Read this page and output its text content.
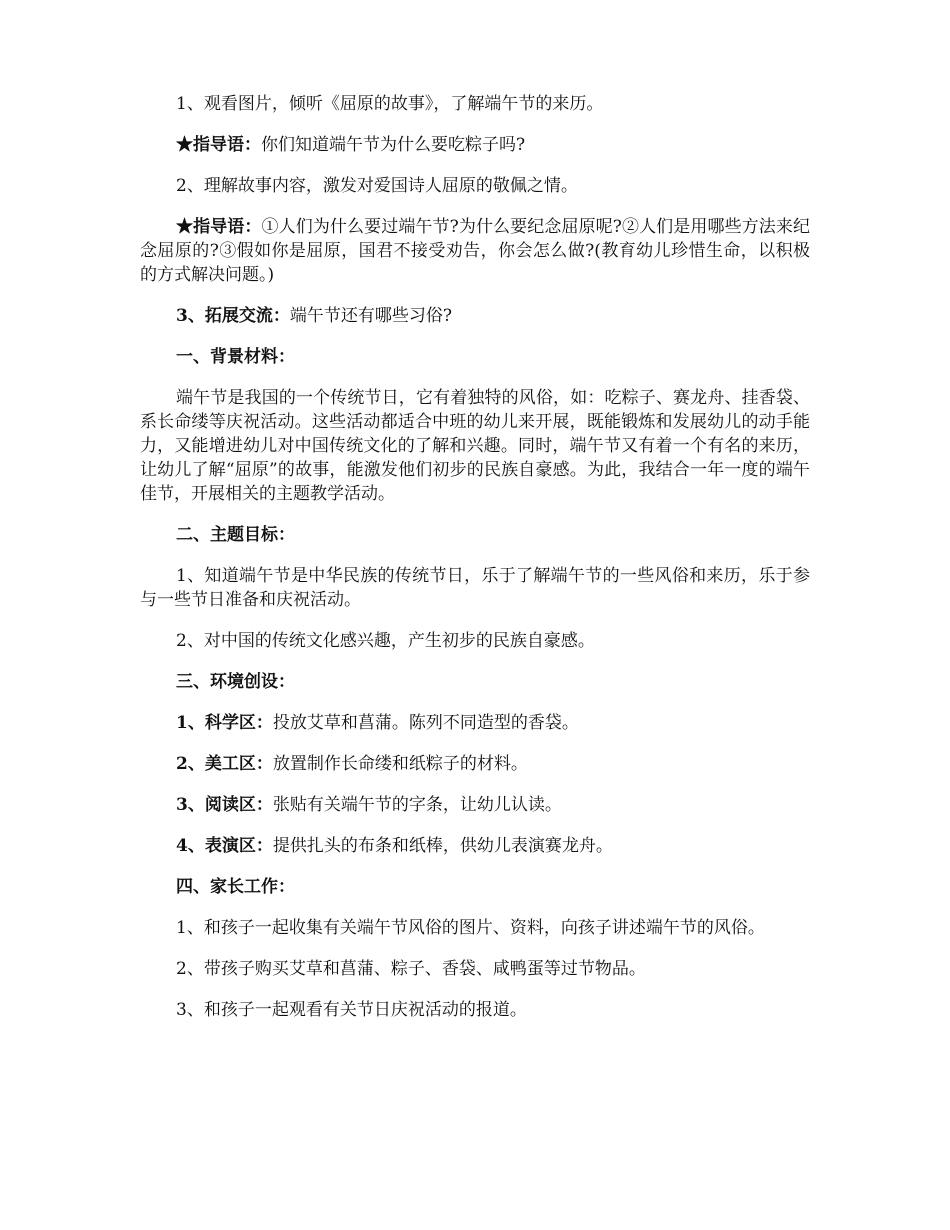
1、观看图片，倾听《屈原的故事》，了解端午节的来历。

★指导语：你们知道端午节为什么要吃粽子吗?

2、理解故事内容，激发对爱国诗人屈原的敬佩之情。

★指导语：①人们为什么要过端午节?为什么要纪念屈原呢?②人们是用哪些方法来纪念屈原的?③假如你是屈原，国君不接受劝告，你会怎么做?(教育幼儿珍惜生命，以积极的方式解决问题。)

3、拓展交流：端午节还有哪些习俗?

一、背景材料：

端午节是我国的一个传统节日，它有着独特的风俗，如：吃粽子、赛龙舟、挂香袋、系长命缕等庆祝活动。这些活动都适合中班的幼儿来开展，既能锻炼和发展幼儿的动手能力，又能增进幼儿对中国传统文化的了解和兴趣。同时，端午节又有着一个有名的来历，让幼儿了解“屈原”的故事，能激发他们初步的民族自豪感。为此，我结合一年一度的端午佳节，开展相关的主题教学活动。

二、主题目标：

1、知道端午节是中华民族的传统节日，乐于了解端午节的一些风俗和来历，乐于参与一些节日准备和庆祝活动。

2、对中国的传统文化感兴趣，产生初步的民族自豪感。

三、环境创设：

1、科学区：投放艾草和菖蒲。陈列不同造型的香袋。

2、美工区：放置制作长命缕和纸粽子的材料。

3、阅读区：张贴有关端午节的字条，让幼儿认读。

4、表演区：提供扎头的布条和纸棒，供幼儿表演赛龙舟。

四、家长工作：

1、和孩子一起收集有关端午节风俗的图片、资料，向孩子讲述端午节的风俗。

2、带孩子购买艾草和菖蒲、粽子、香袋、咸鸭蛋等过节物品。

3、和孩子一起观看有关节日庆祝活动的报道。
